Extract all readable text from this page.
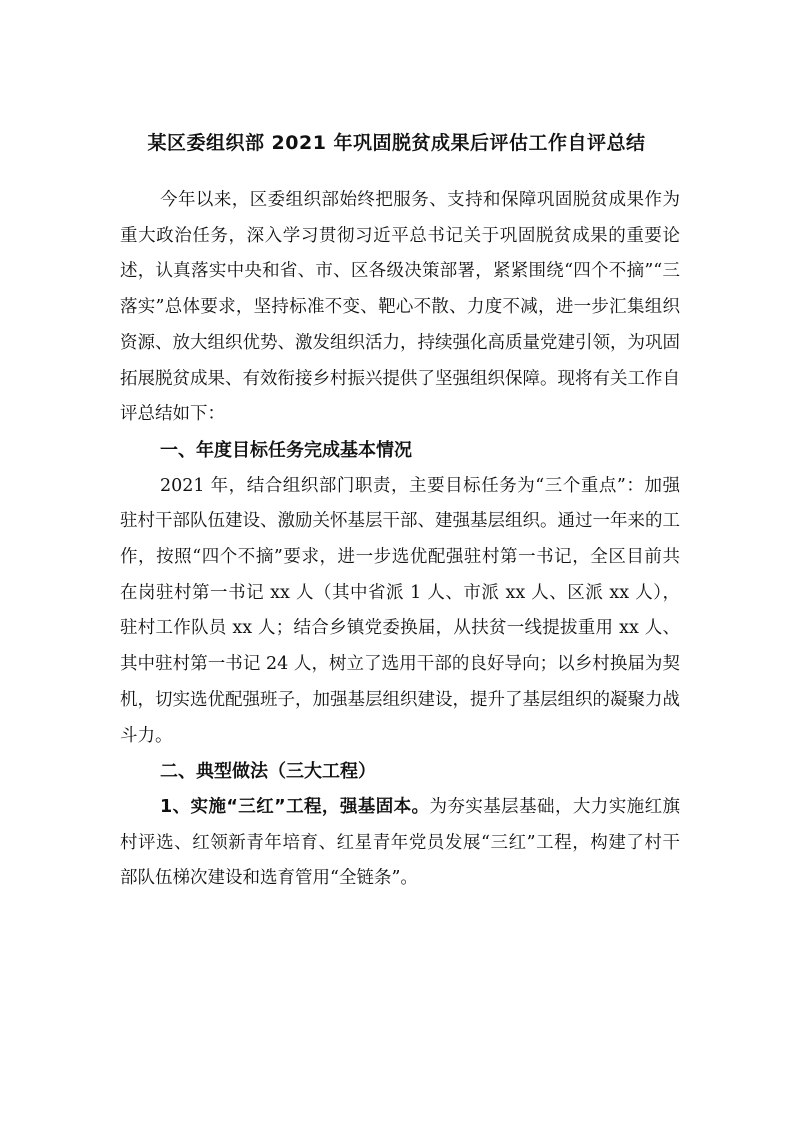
某区委组织部 2021 年巩固脱贫成果后评估工作自评总结

今年以来，区委组织部始终把服务、支持和保障巩固脱贫成果作为重大政治任务，深入学习贯彻习近平总书记关于巩固脱贫成果的重要论述，认真落实中央和省、市、区各级决策部署，紧紧围绕“四个不摘”“三落实”总体要求，坚持标准不变、靶心不散、力度不减，进一步汇集组织资源、放大组织优势、激发组织活力，持续强化高质量党建引领，为巩固拓展脱贫成果、有效衔接乡村振兴提供了坚强组织保障。现将有关工作自评总结如下：

一、年度目标任务完成基本情况

2021 年，结合组织部门职责，主要目标任务为“三个重点”：加强驻村干部队伍建设、激励关怀基层干部、建强基层组织。通过一年来的工作，按照“四个不摘”要求，进一步选优配强驻村第一书记，全区目前共在岗驻村第一书记 xx 人（其中省派 1 人、市派 xx 人、区派 xx 人），驻村工作队员 xx 人；结合乡镇党委换届，从扶贫一线提拔重用 xx 人、其中驻村第一书记 24 人，树立了选用干部的良好导向；以乡村换届为契机，切实选优配强班子，加强基层组织建设，提升了基层组织的凝聚力战斗力。

二、典型做法（三大工程）

1、实施“三红”工程，强基固本。为夯实基层基础，大力实施红旗村评选、红领新青年培育、红星青年党员发展“三红”工程，构建了村干部队伍梯次建设和选育管用“全链条”。
